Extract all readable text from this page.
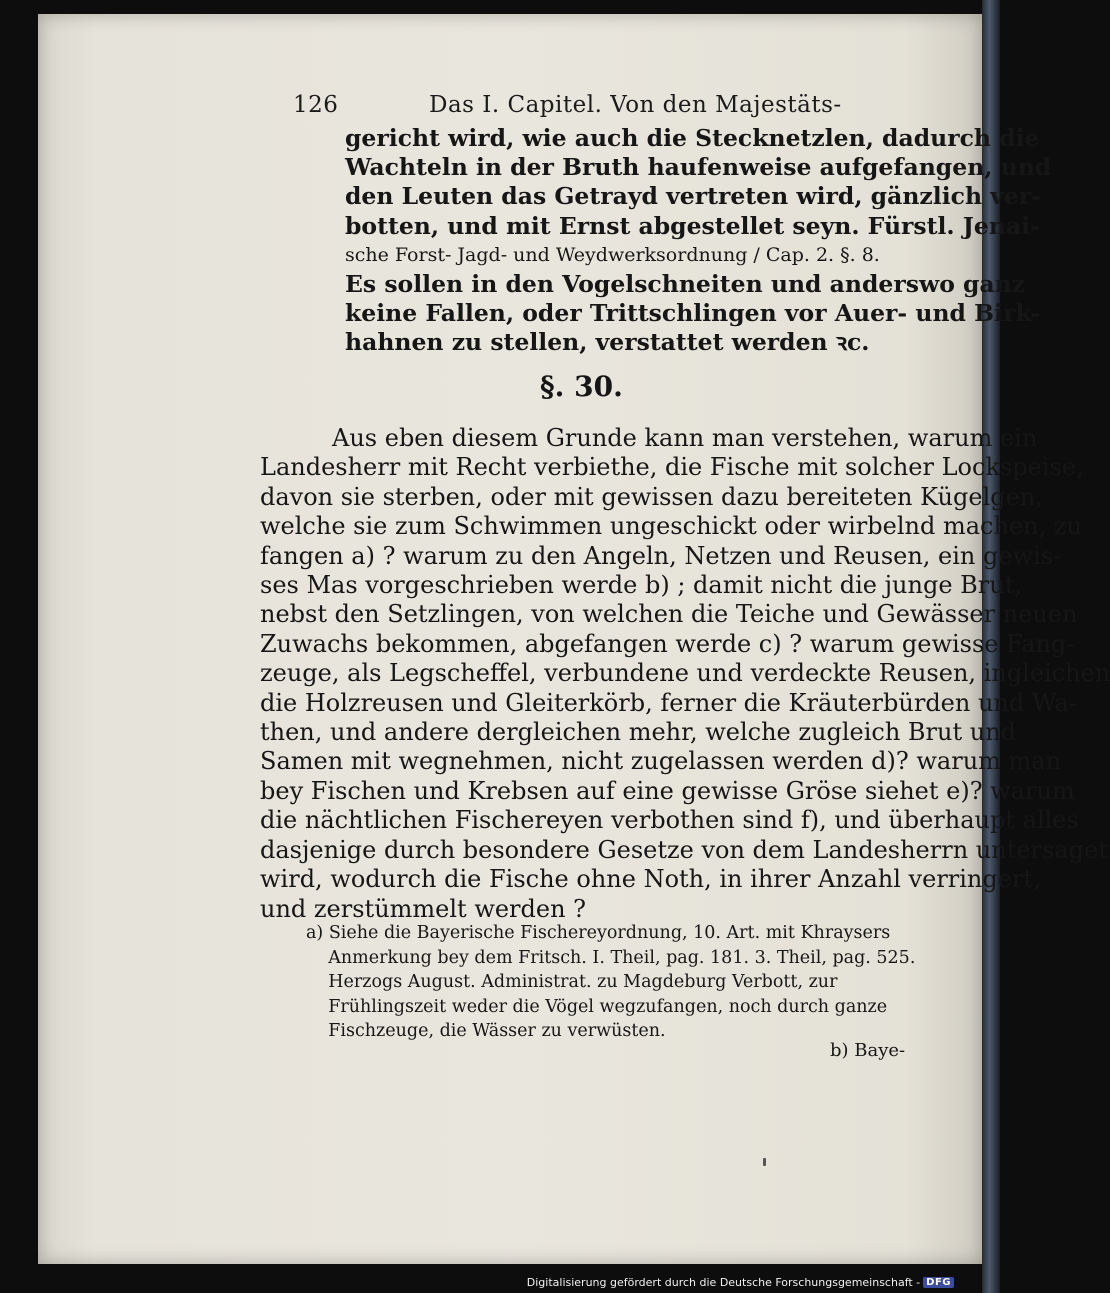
126	Das I. Capitel. Von den Majestäts-
gericht wird, wie auch die Stecknetzlen, dadurch die
Wachteln in der Bruth haufenweise aufgefangen, und
den Leuten das Getrayd vertreten wird, gänzlich ver-
botten, und mit Ernst abgestellet seyn. Fürstl. Jenai-
sche Forst- Jagd- und Weydwerksordnung / Cap. 2. §. 8.
Es sollen in den Vogelschneiten und anderswo ganz
keine Fallen, oder Trittschlingen vor Auer- und Birk-
hahnen zu stellen, verstattet werden ꝛc.
§. 30.
Aus eben diesem Grunde kann man verstehen, warum ein
Landesherr mit Recht verbiethe, die Fische mit solcher Lockspeise,
davon sie sterben, oder mit gewissen dazu bereiteten Kügelgen,
welche sie zum Schwimmen ungeschickt oder wirbelnd machen, zu
fangen a) ? warum zu den Angeln, Netzen und Reusen, ein gewis-
ses Mas vorgeschrieben werde b) ; damit nicht die junge Brut,
nebst den Setzlingen, von welchen die Teiche und Gewässer neuen
Zuwachs bekommen, abgefangen werde c) ? warum gewisse Fang-
zeuge, als Legscheffel, verbundene und verdeckte Reusen, ingleichen
die Holzreusen und Gleiterkörb, ferner die Kräuterbürden und Wa-
then, und andere dergleichen mehr, welche zugleich Brut und
Samen mit wegnehmen, nicht zugelassen werden d)? warum man
bey Fischen und Krebsen auf eine gewisse Gröse siehet e)? warum
die nächtlichen Fischereyen verbothen sind f), und überhaupt alles
dasjenige durch besondere Gesetze von dem Landesherrn untersaget
wird, wodurch die Fische ohne Noth, in ihrer Anzahl verringert,
und zerstümmelt werden ?
a) Siehe die Bayerische Fischereyordnung, 10. Art. mit Khraysers
Anmerkung bey dem Fritsch. I. Theil, pag. 181. 3. Theil, pag. 525.
Herzogs August. Administrat. zu Magdeburg Verbott, zur
Frühlingszeit weder die Vögel wegzufangen, noch durch ganze
Fischzeuge, die Wässer zu verwüsten.
b) Baye-
Digitalisierung gefördert durch die Deutsche Forschungsgemeinschaft - DFG
